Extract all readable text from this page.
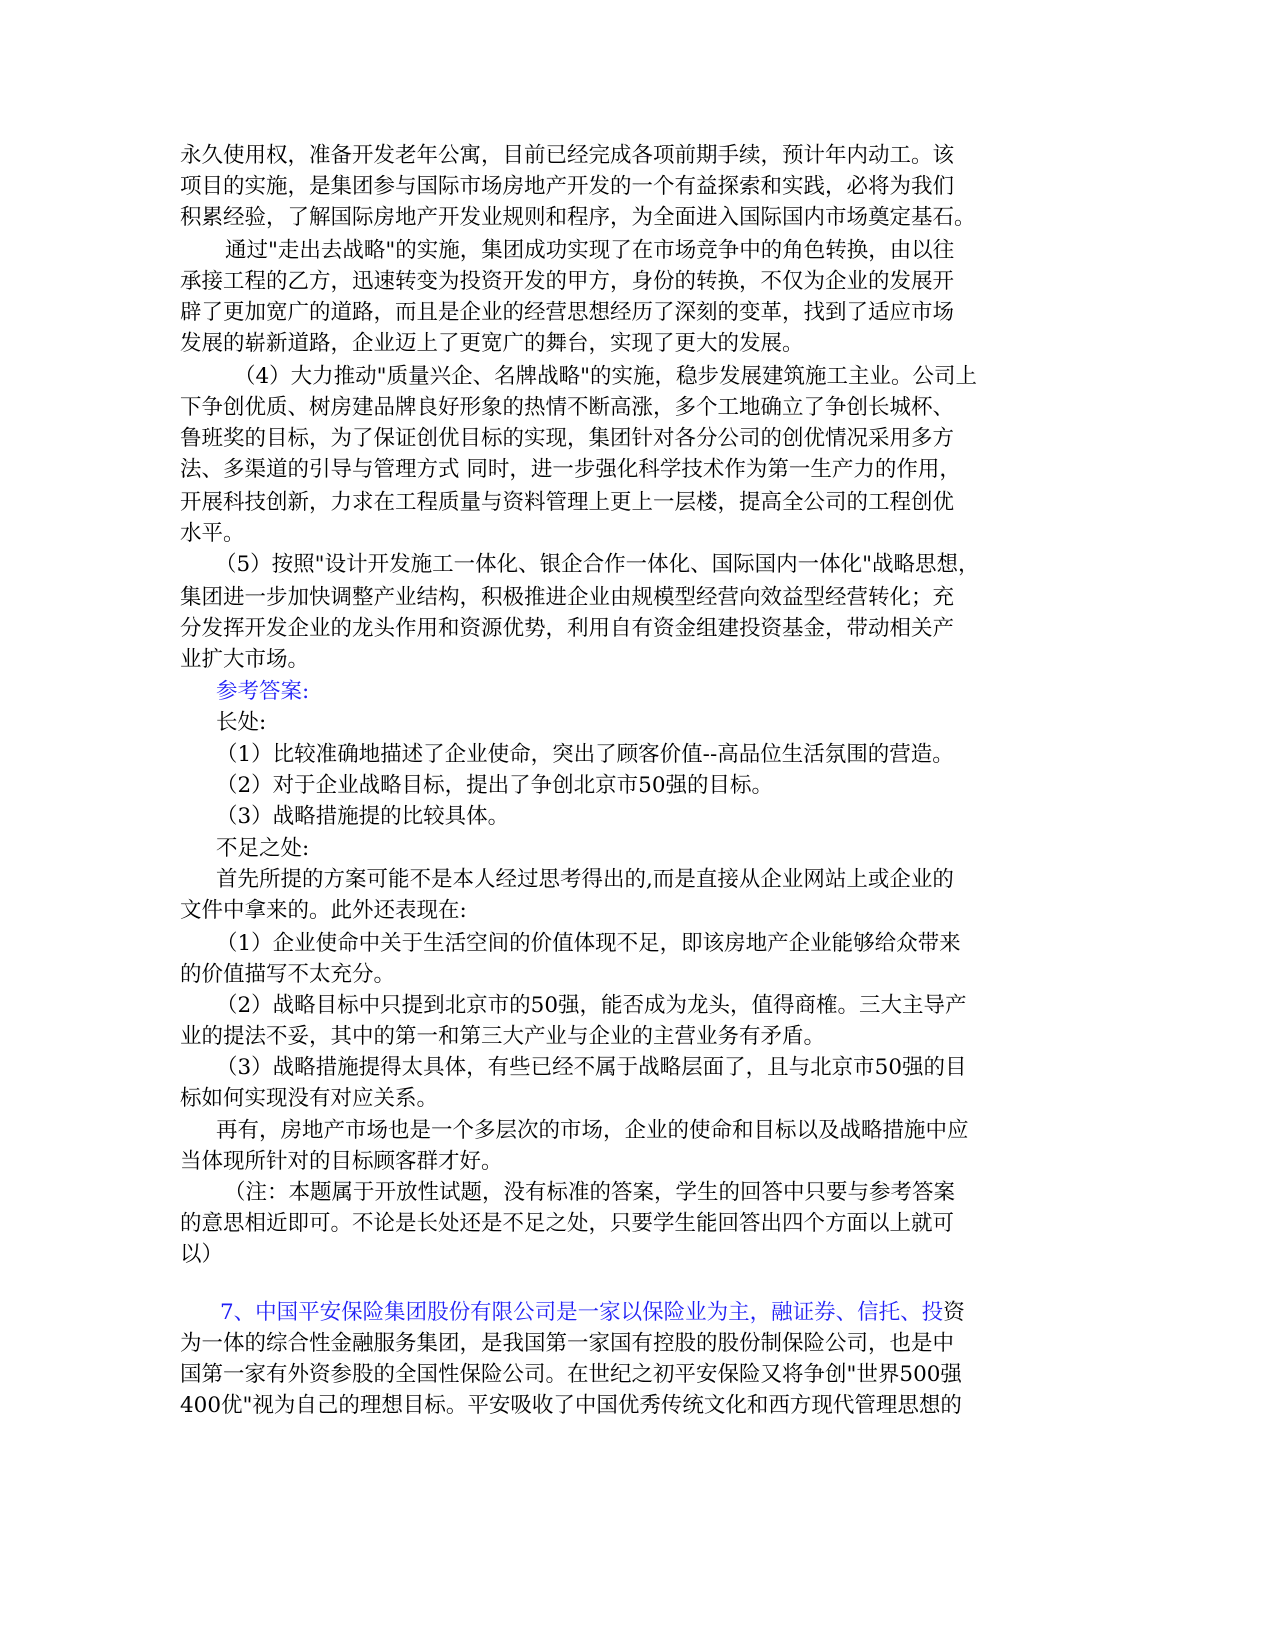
永久使用权，准备开发老年公寓，目前已经完成各项前期手续，预计年内动工。该
项目的实施，是集团参与国际市场房地产开发的一个有益探索和实践，必将为我们
积累经验，了解国际房地产开发业规则和程序，为全面进入国际国内市场奠定基石。
通过"走出去战略"的实施，集团成功实现了在市场竞争中的角色转换，由以往
承接工程的乙方，迅速转变为投资开发的甲方，身份的转换，不仅为企业的发展开
辟了更加宽广的道路，而且是企业的经营思想经历了深刻的变革，找到了适应市场
发展的崭新道路，企业迈上了更宽广的舞台，实现了更大的发展。
（4）大力推动"质量兴企、名牌战略"的实施，稳步发展建筑施工主业。公司上
下争创优质、树房建品牌良好形象的热情不断高涨，多个工地确立了争创长城杯、
鲁班奖的目标，为了保证创优目标的实现，集团针对各分公司的创优情况采用多方
法、多渠道的引导与管理方式 同时，进一步强化科学技术作为第一生产力的作用，
开展科技创新，力求在工程质量与资料管理上更上一层楼，提高全公司的工程创优
水平。
（5）按照"设计开发施工一体化、银企合作一体化、国际国内一体化"战略思想，
集团进一步加快调整产业结构，积极推进企业由规模型经营向效益型经营转化；充
分发挥开发企业的龙头作用和资源优势，利用自有资金组建投资基金，带动相关产
业扩大市场。
参考答案:
长处:
（1）比较准确地描述了企业使命，突出了顾客价值--高品位生活氛围的营造。
（2）对于企业战略目标，提出了争创北京市50强的目标。
（3）战略措施提的比较具体。
不足之处:
首先所提的方案可能不是本人经过思考得出的,而是直接从企业网站上或企业的
文件中拿来的。此外还表现在:
（1）企业使命中关于生活空间的价值体现不足，即该房地产企业能够给众带来
的价值描写不太充分。
（2）战略目标中只提到北京市的50强，能否成为龙头，值得商榷。三大主导产
业的提法不妥，其中的第一和第三大产业与企业的主营业务有矛盾。
（3）战略措施提得太具体，有些已经不属于战略层面了，且与北京市50强的目
标如何实现没有对应关系。
再有，房地产市场也是一个多层次的市场，企业的使命和目标以及战略措施中应
当体现所针对的目标顾客群才好。
（注：本题属于开放性试题，没有标准的答案，学生的回答中只要与参考答案
的意思相近即可。不论是长处还是不足之处，只要学生能回答出四个方面以上就可
以）
7、中国平安保险集团股份有限公司是一家以保险业为主，融证券、信托、投资
为一体的综合性金融服务集团，是我国第一家国有控股的股份制保险公司，也是中
国第一家有外资参股的全国性保险公司。在世纪之初平安保险又将争创"世界500强
400优"视为自己的理想目标。平安吸收了中国优秀传统文化和西方现代管理思想的
